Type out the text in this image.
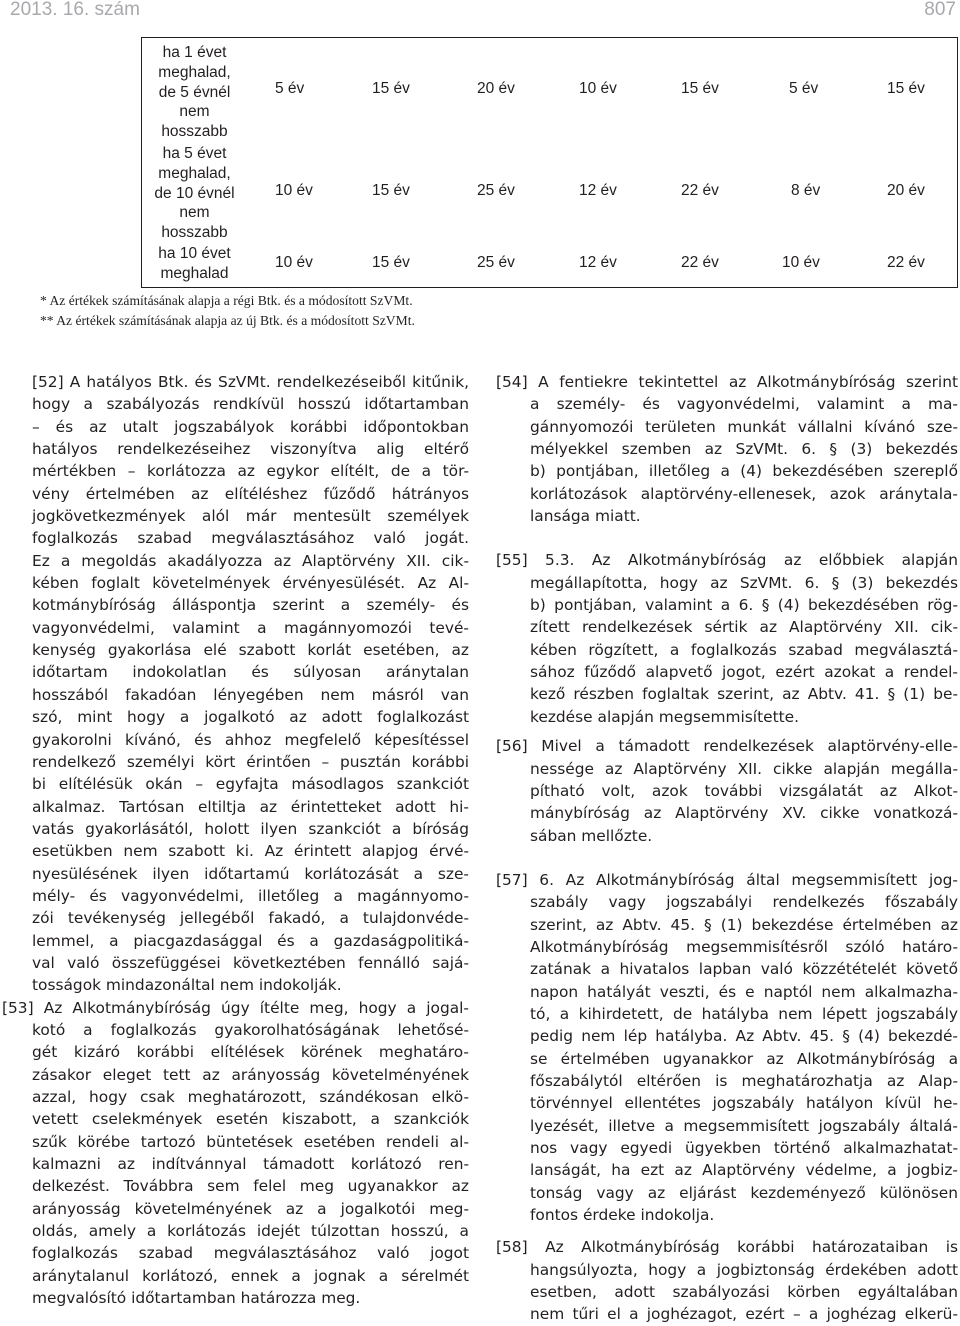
2013. 16. szám	807
ha 1 évet
meghalad,
de 5 évnél
nem
hosszabb
5 év	15 év	20 év	10 év	15 év	5 év	15 év
ha 5 évet
meghalad,
de 10 évnél
nem
hosszabb
10 év	15 év	25 év	12 év	22 év	8 év	20 év
ha 10 évet
meghalad
10 év	15 év	25 év	12 év	22 év	10 év	22 év
* Az értékek számításának alapja a régi Btk. és a módosított SzVMt.
** Az értékek számításának alapja az új Btk. és a módosított SzVMt.
[52] A hatályos Btk. és SzVMt. rendelkezéseiből kitűnik,
hogy a szabályozás rendkívül hosszú időtartamban
– és az utalt jogszabályok korábbi időpontokban
hatályos rendelkezéseihez viszonyítva alig eltérő
mértékben – korlátozza az egykor elítélt, de a tör-
vény értelmében az elítéléshez fűződő hátrányos
jogkövetkezmények alól már mentesült személyek
foglalkozás szabad megválasztásához való jogát.
Ez a megoldás akadályozza az Alaptörvény XII. cik-
kében foglalt követelmények érvényesülését. Az Al-
kotmánybíróság álláspontja szerint a személy- és
vagyonvédelmi, valamint a magánnyomozói tevé-
kenység gyakorlása elé szabott korlát esetében, az
időtartam indokolatlan és súlyosan aránytalan
hosszából fakadóan lényegében nem másról van
szó, mint hogy a jogalkotó az adott foglalkozást
gyakorolni kívánó, és ahhoz megfelelő képesítéssel
rendelkező személyi kört érintően – pusztán korábbi
bi elítélésük okán – egyfajta másodlagos szankciót
alkalmaz. Tartósan eltiltja az érintetteket adott hi-
vatás gyakorlásától, holott ilyen szankciót a bíróság
esetükben nem szabott ki. Az érintett alapjog érvé-
nyesülésének ilyen időtartamú korlátozását a sze-
mély- és vagyonvédelmi, illetőleg a magánnyomo-
zói tevékenység jellegéből fakadó, a tulajdonvéde-
lemmel, a piacgazdasággal és a gazdaságpolitiká-
val való összefüggései következtében fennálló sajá-
tosságok mindazonáltal nem indokolják.
[53] Az Alkotmánybíróság úgy ítélte meg, hogy a jogal-
kotó a foglalkozás gyakorolhatóságának lehetősé-
gét kizáró korábbi elítélések körének meghatáro-
zásakor eleget tett az arányosság követelményének
azzal, hogy csak meghatározott, szándékosan elkö-
vetett cselekmények esetén kiszabott, a szankciók
szűk körébe tartozó büntetések esetében rendeli al-
kalmazni az indítvánnyal támadott korlátozó ren-
delkezést. Továbbra sem felel meg ugyanakkor az
arányosság követelményének az a jogalkotói meg-
oldás, amely a korlátozás idejét túlzottan hosszú, a
foglalkozás szabad megválasztásához való jogot
aránytalanul korlátozó, ennek a jognak a sérelmét
megvalósító időtartamban határozza meg.
[54] A fentiekre tekintettel az Alkotmánybíróság szerint
a személy- és vagyonvédelmi, valamint a ma-
gánnyomozói területen munkát vállalni kívánó sze-
mélyekkel szemben az SzVMt. 6. § (3) bekezdés
b) pontjában, illetőleg a (4) bekezdésében szereplő
korlátozások alaptörvény-ellenesek, azok aránytala-
lansága miatt.
[55] 5.3. Az Alkotmánybíróság az előbbiek alapján
megállapította, hogy az SzVMt. 6. § (3) bekezdés
b) pontjában, valamint a 6. § (4) bekezdésében rög-
zített rendelkezések sértik az Alaptörvény XII. cik-
kében rögzített, a foglalkozás szabad megválasztá-
sához fűződő alapvető jogot, ezért azokat a rendel-
kező részben foglaltak szerint, az Abtv. 41. § (1) be-
kezdése alapján megsemmisítette.
[56] Mivel a támadott rendelkezések alaptörvény-elle-
nessége az Alaptörvény XII. cikke alapján megálla-
pítható volt, azok további vizsgálatát az Alkot-
mánybíróság az Alaptörvény XV. cikke vonatkozá-
sában mellőzte.
[57] 6. Az Alkotmánybíróság által megsemmisített jog-
szabály vagy jogszabályi rendelkezés főszabály
szerint, az Abtv. 45. § (1) bekezdése értelmében az
Alkotmánybíróság megsemmisítésről szóló határo-
zatának a hivatalos lapban való közzétételét követő
napon hatályát veszti, és e naptól nem alkalmazha-
tó, a kihirdetett, de hatályba nem lépett jogszabály
pedig nem lép hatályba. Az Abtv. 45. § (4) bekezdé-
se értelmében ugyanakkor az Alkotmánybíróság a
főszabálytól eltérően is meghatározhatja az Alap-
törvénnyel ellentétes jogszabály hatályon kívül he-
lyezését, illetve a megsemmisített jogszabály általá-
nos vagy egyedi ügyekben történő alkalmazhatat-
lanságát, ha ezt az Alaptörvény védelme, a jogbiz-
tonság vagy az eljárást kezdeményező különösen
fontos érdeke indokolja.
[58] Az Alkotmánybíróság korábbi határozataiban is
hangsúlyozta, hogy a jogbiztonság érdekében adott
esetben, adott szabályozási körben egyáltalában
nem tűri el a joghézagot, ezért – a joghézag elkerü-
